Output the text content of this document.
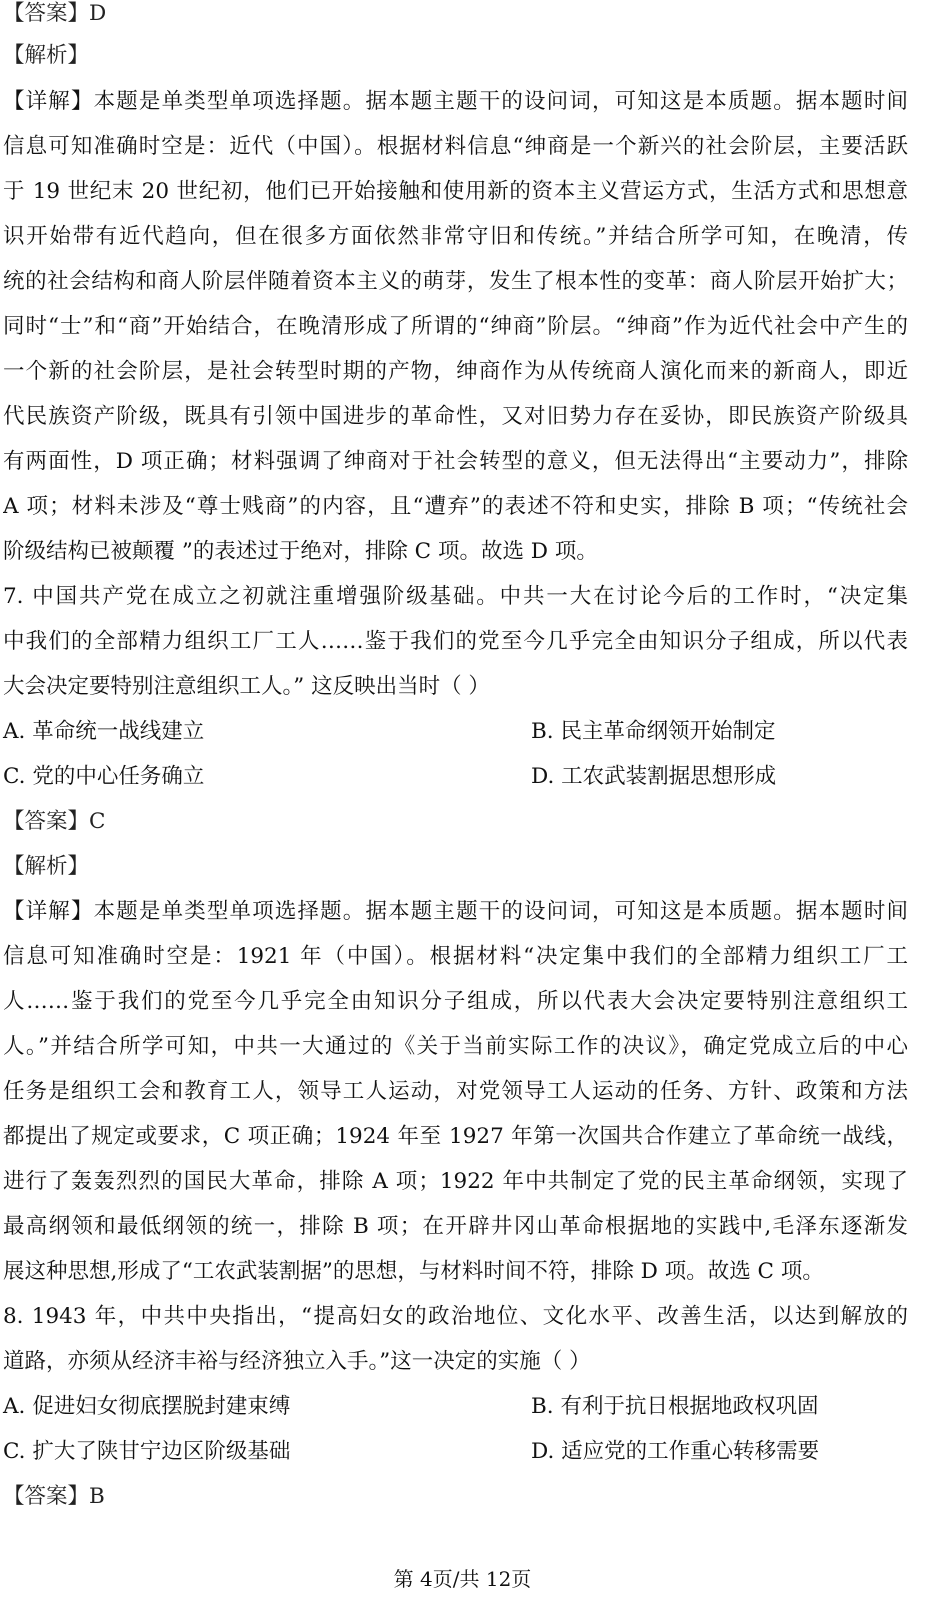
【答案】D
【解析】
【详解】本题是单类型单项选择题。据本题主题干的设问词，可知这是本质题。据本题时间
信息可知准确时空是：近代（中国）。根据材料信息“绅商是一个新兴的社会阶层，主要活跃
于 19 世纪末 20 世纪初，他们已开始接触和使用新的资本主义营运方式，生活方式和思想意
识开始带有近代趋向，但在很多方面依然非常守旧和传统。”并结合所学可知，在晚清，传
统的社会结构和商人阶层伴随着资本主义的萌芽，发生了根本性的变革：商人阶层开始扩大；
同时“士”和“商”开始结合，在晚清形成了所谓的“绅商”阶层。“绅商”作为近代社会中产生的
一个新的社会阶层，是社会转型时期的产物，绅商作为从传统商人演化而来的新商人，即近
代民族资产阶级，既具有引领中国进步的革命性，又对旧势力存在妥协，即民族资产阶级具
有两面性，D 项正确；材料强调了绅商对于社会转型的意义，但无法得出“主要动力”，排除
A 项；材料未涉及“尊士贱商”的内容，且“遭弃”的表述不符和史实，排除 B 项；“传统社会
阶级结构已被颠覆 ”的表述过于绝对，排除 C 项。故选 D 项。
7. 中国共产党在成立之初就注重增强阶级基础。中共一大在讨论今后的工作时，“决定集
中我们的全部精力组织工厂工人……鉴于我们的党至今几乎完全由知识分子组成，所以代表
大会决定要特别注意组织工人。” 这反映出当时（ ）
A. 革命统一战线建立	B. 民主革命纲领开始制定
C. 党的中心任务确立	D. 工农武装割据思想形成
【答案】C
【解析】
【详解】本题是单类型单项选择题。据本题主题干的设问词，可知这是本质题。据本题时间
信息可知准确时空是：1921 年（中国）。根据材料“决定集中我们的全部精力组织工厂工
人……鉴于我们的党至今几乎完全由知识分子组成，所以代表大会决定要特别注意组织工
人。”并结合所学可知，中共一大通过的《关于当前实际工作的决议》，确定党成立后的中心
任务是组织工会和教育工人，领导工人运动，对党领导工人运动的任务、方针、政策和方法
都提出了规定或要求，C 项正确；1924 年至 1927 年第一次国共合作建立了革命统一战线，
进行了轰轰烈烈的国民大革命，排除 A 项；1922 年中共制定了党的民主革命纲领，实现了
最高纲领和最低纲领的统一，排除 B 项；在开辟井冈山革命根据地的实践中,毛泽东逐渐发
展这种思想,形成了“工农武装割据”的思想，与材料时间不符，排除 D 项。故选 C 项。
8. 1943 年，中共中央指出，“提高妇女的政治地位、文化水平、改善生活，以达到解放的
道路，亦须从经济丰裕与经济独立入手。”这一决定的实施（ ）
A. 促进妇女彻底摆脱封建束缚	B. 有利于抗日根据地政权巩固
C. 扩大了陕甘宁边区阶级基础	D. 适应党的工作重心转移需要
【答案】B
第 4页/共 12页
